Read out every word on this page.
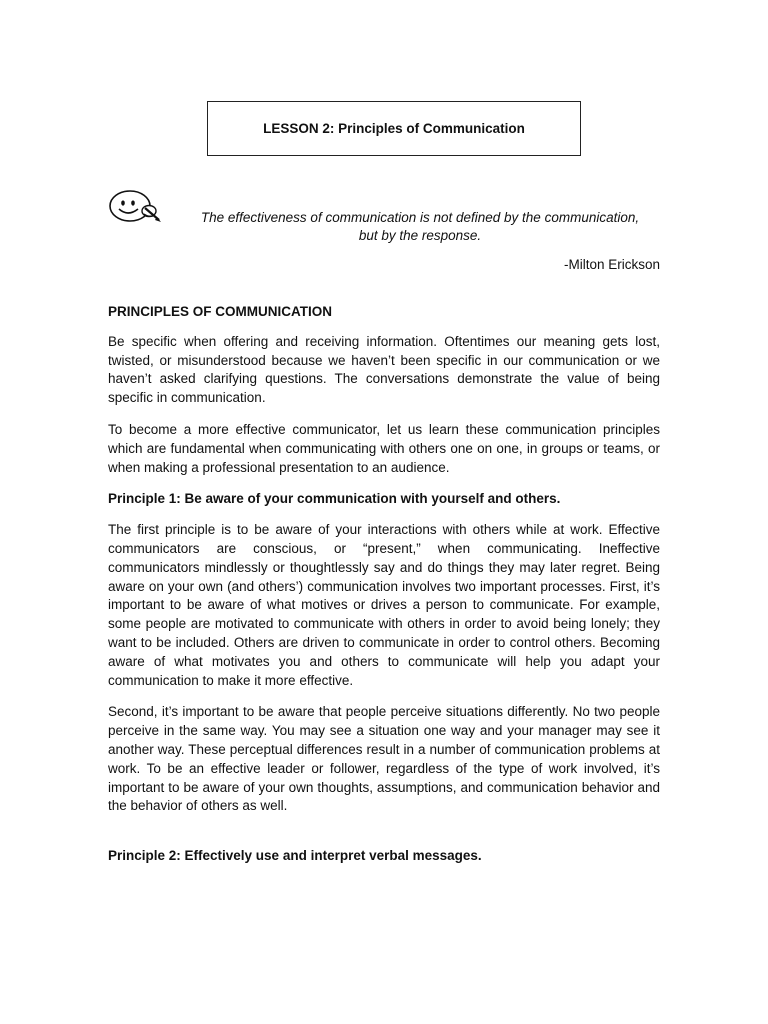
LESSON 2: Principles of Communication
The effectiveness of communication is not defined by the communication,
but by the response.
-Milton Erickson
PRINCIPLES OF COMMUNICATION

Be specific when offering and receiving information. Oftentimes our meaning gets lost, twisted, or misunderstood because we haven’t been specific in our communication or we haven’t asked clarifying questions. The conversations demonstrate the value of being specific in communication.

To become a more effective communicator, let us learn these communication principles which are fundamental when communicating with others one on one, in groups or teams, or when making a professional presentation to an audience.

Principle 1: Be aware of your communication with yourself and others.

The first principle is to be aware of your interactions with others while at work. Effective communicators are conscious, or “present,” when communicating. Ineffective communicators mindlessly or thoughtlessly say and do things they may later regret. Being aware on your own (and others’) communication involves two important processes. First, it’s important to be aware of what motives or drives a person to communicate. For example, some people are motivated to communicate with others in order to avoid being lonely; they want to be included. Others are driven to communicate in order to control others. Becoming aware of what motivates you and others to communicate will help you adapt your communication to make it more effective.

Second, it’s important to be aware that people perceive situations differently. No two people perceive in the same way. You may see a situation one way and your manager may see it another way. These perceptual differences result in a number of communication problems at work. To be an effective leader or follower, regardless of the type of work involved, it’s important to be aware of your own thoughts, assumptions, and communication behavior and the behavior of others as well.

Principle 2: Effectively use and interpret verbal messages.
